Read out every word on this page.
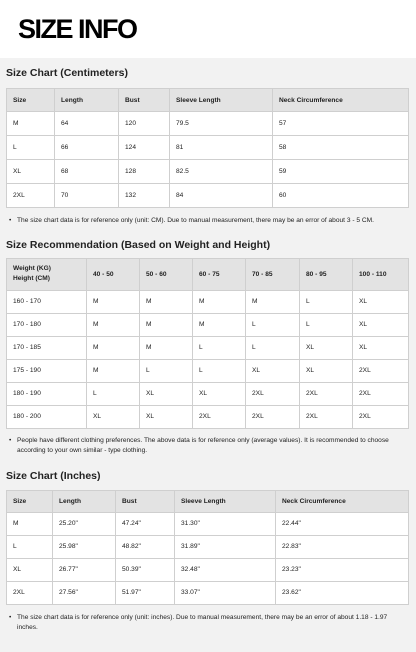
SIZE INFO
Size Chart (Centimeters)
Size	Length	Bust	Sleeve Length	Neck Circumference
M	64	120	79.5	57
L	66	124	81	58
XL	68	128	82.5	59
2XL	70	132	84	60
• The size chart data is for reference only (unit: CM). Due to manual measurement, there may be an error of about 3 - 5 CM.
Size Recommendation (Based on Weight and Height)
Weight (KG)
Height (CM)	40 - 50	50 - 60	60 - 75	70 - 85	80 - 95	100 - 110
160 - 170	M	M	M	M	L	XL
170 - 180	M	M	M	L	L	XL
170 - 185	M	M	L	L	XL	XL
175 - 190	M	L	L	XL	XL	2XL
180 - 190	L	XL	XL	2XL	2XL	2XL
180 - 200	XL	XL	2XL	2XL	2XL	2XL
• People have different clothing preferences. The above data is for reference only (average values). It is recommended to choose according to your own similar - type clothing.
Size Chart (Inches)
Size	Length	Bust	Sleeve Length	Neck Circumference
M	25.20"	47.24"	31.30"	22.44"
L	25.98"	48.82"	31.89"	22.83"
XL	26.77"	50.39"	32.48"	23.23"
2XL	27.56"	51.97"	33.07"	23.62"
• The size chart data is for reference only (unit: inches). Due to manual measurement, there may be an error of about 1.18 - 1.97 inches.
